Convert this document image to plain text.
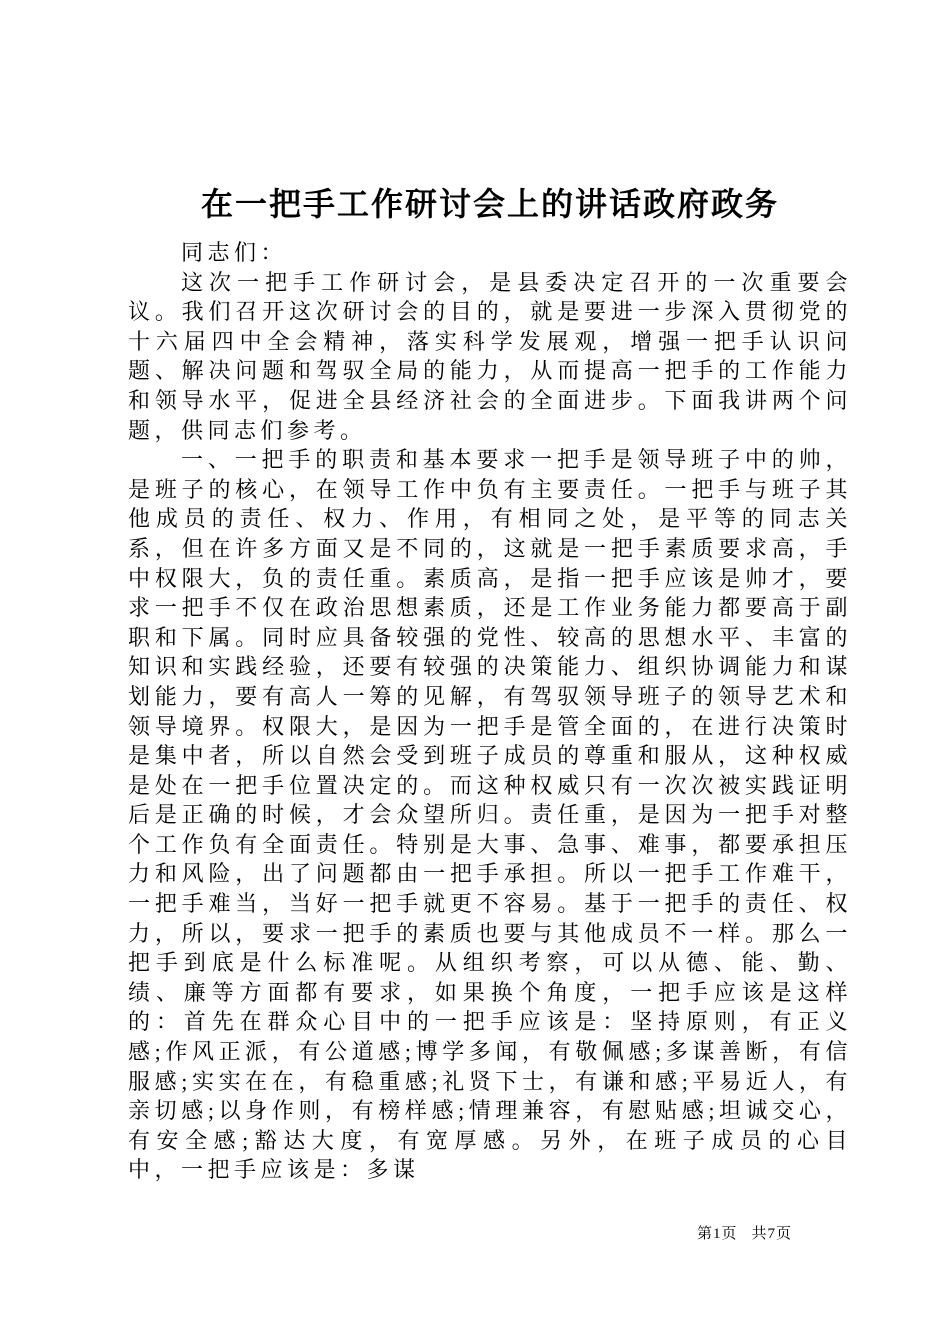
在一把手工作研讨会上的讲话政府政务

同志们：

这次一把手工作研讨会，是县委决定召开的一次重要会议。我们召开这次研讨会的目的，就是要进一步深入贯彻党的十六届四中全会精神，落实科学发展观，增强一把手认识问题、解决问题和驾驭全局的能力，从而提高一把手的工作能力和领导水平，促进全县经济社会的全面进步。下面我讲两个问题，供同志们参考。

一、一把手的职责和基本要求一把手是领导班子中的帅，是班子的核心，在领导工作中负有主要责任。一把手与班子其他成员的责任、权力、作用，有相同之处，是平等的同志关系，但在许多方面又是不同的，这就是一把手素质要求高，手中权限大，负的责任重。素质高，是指一把手应该是帅才，要求一把手不仅在政治思想素质，还是工作业务能力都要高于副职和下属。同时应具备较强的党性、较高的思想水平、丰富的知识和实践经验，还要有较强的决策能力、组织协调能力和谋划能力，要有高人一筹的见解，有驾驭领导班子的领导艺术和领导境界。权限大，是因为一把手是管全面的，在进行决策时是集中者，所以自然会受到班子成员的尊重和服从，这种权威是处在一把手位置决定的。而这种权威只有一次次被实践证明后是正确的时候，才会众望所归。责任重，是因为一把手对整个工作负有全面责任。特别是大事、急事、难事，都要承担压力和风险，出了问题都由一把手承担。所以一把手工作难干，一把手难当，当好一把手就更不容易。基于一把手的责任、权力，所以，要求一把手的素质也要与其他成员不一样。那么一把手到底是什么标准呢。从组织考察，可以从德、能、勤、绩、廉等方面都有要求，如果换个角度，一把手应该是这样的：首先在群众心目中的一把手应该是：坚持原则，有正义感;作风正派，有公道感;博学多闻，有敬佩感;多谋善断，有信服感;实实在在，有稳重感;礼贤下士，有谦和感;平易近人，有亲切感;以身作则，有榜样感;情理兼容，有慰贴感;坦诚交心，有安全感;豁达大度，有宽厚感。另外，在班子成员的心目中，一把手应该是：多谋

第1页 共7页
